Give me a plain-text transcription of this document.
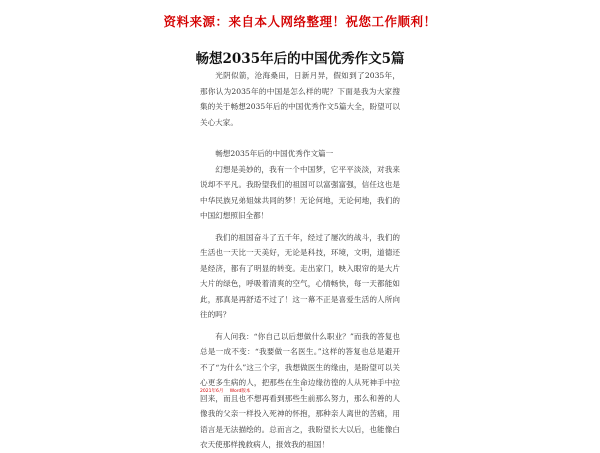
资料来源：来自本人网络整理！祝您工作顺利！
畅想2035年后的中国优秀作文5篇

光阴似箭，沧海桑田，日新月异，假如到了2035年，那你认为2035年的中国是怎么样的呢？下面是我为大家搜集的关于畅想2035年后的中国优秀作文5篇大全，盼望可以关心大家。

畅想2035年后的中国优秀作文篇一

幻想是美妙的，我有一个中国梦，它平平淡淡，对我来说却不平凡。我盼望我们的祖国可以富强富强，信任这也是中华民族兄弟姐妹共同的梦！无论何地，无论何地，我们的中国幻想照旧全都！

我们的祖国奋斗了五千年，经过了屡次的战斗，我们的生活也一天比一天美好，无论是科技，环境，文明，道德还是经济，都有了明显的转变。走出家门，映入眼帘的是大片大片的绿色，呼吸着清爽的空气，心情畅快，每一天都能如此，那真是再舒适不过了！这一幕不正是喜爱生活的人所向往的吗？

有人问我：“你自己以后想做什么职业？”而我的答复也总是一成不变：“我要做一名医生。”这样的答复也总是避开不了“为什么”这三个字，我想做医生的缘由，是盼望可以关心更多生病的人，把那些在生命边缘彷徨的人从死神手中拉回来，而且也不想再看到那些生前那么努力，那么和善的人像我的父亲一样投入死神的怀抱，那种亲人离世的苦痛，用语言是无法描绘的。总而言之，我盼望长大以后，也能像白衣天使那样挽救病人，报效我的祖国！

2021年6月 Word版本	1
